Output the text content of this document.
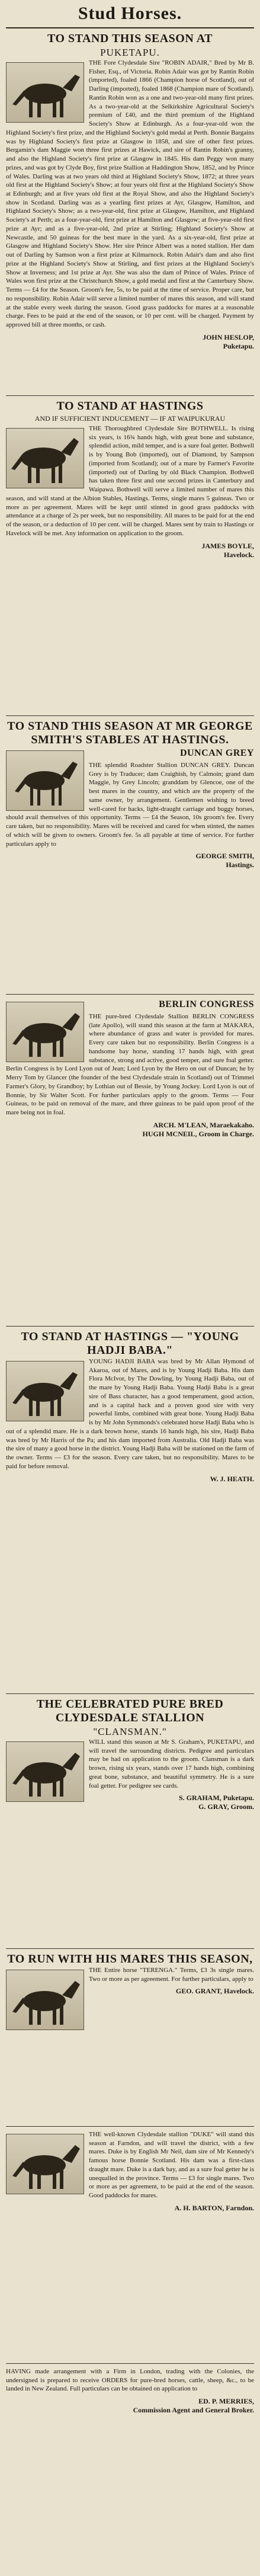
Stud Horses.
TO STAND THIS SEASON AT
PUKETAPU.
THE Fore Clydesdale Sire "ROBIN ADAIR," Bred by Mr B. Fisher, Esq., of Victoria. Robin Adair was got by Rantin Robin (imported), foaled 1866 (Champion horse of Scotland), out of Darling (imported), foaled 1868 (Champion mare of Scotland). Rantin Robin won as a one and two-year-old many first prizes. As a two-year-old at the Selkirkshire Agricultural Society's premium of £40, and the third premium of the Highland Society's Show at Edinburgh. As a four-year-old won the Highland Society's first prize, and the Highland Society's gold medal at Perth. Bonnie Bargains was by Highland Society's first prize at Glasgow in 1858, and sire of other first prizes. Bergamin's dam Maggie won three first prizes at Hawick, and sire of Rantin Robin's granny, and also the Highland Society's first prize at Glasgow in 1845. His dam Peggy won many prizes, and was got by Clyde Boy, first prize Stallion at Haddington Show, 1852, and by Prince of Wales. Darling was at two years old third at Highland Society's Show, 1872; at three years old first at the Highland Society's Show; at four years old first at the Highland Society's Show at Edinburgh; and at five years old first at the Royal Show, and also the Highland Society's show in Scotland. Darling was as a yearling first prizes at Ayr, Glasgow, Hamilton, and Highland Society's Show; as a two-year-old, first prize at Glasgow, Hamilton, and Highland Society's at Perth; as a four-year-old, first prize at Hamilton and Glasgow; at five-year-old first prize at Ayr; and as a five-year-old, 2nd prize at Stirling; Highland Society's Show at Newcastle, and 50 guineas for the best mare in the yard. As a six-year-old, first prize at Glasgow and Highland Society's Show. Her sire Prince Albert was a noted stallion. Her dam out of Darling by Samson won a first prize at Kilmarnock. Robin Adair's dam and also first prize at the Highland Society's Show at Stirling, and first prizes at the Highland Society's Show at Inverness; and 1st prize at Ayr. She was also the dam of Prince of Wales. Prince of Wales won first prize at the Christchurch Show, a gold medal and first at the Canterbury Show. Terms — £4 for the Season. Groom's fee, 5s, to be paid at the time of service. Proper care, but no responsibility. Robin Adair will serve a limited number of mares this season, and will stand at the stable every week during the season. Good grass paddocks for mares at a reasonable charge. Fees to be paid at the end of the season, or 10 per cent. will be charged. Payment by approved bill at three months, or cash.
JOHN HESLOP,
Puketapu.
TO STAND AT HASTINGS
AND IF SUFFICIENT INDUCEMENT — IF AT WAIPUKURAU
THE Thoroughbred Clydesdale Sire BOTHWELL. Is rising six years, is 16¾ hands high, with great bone and substance, splendid action, mild temper, and is a sure foal getter. Bothwell is by Young Bob (imported), out of Diamond, by Sampson (imported from Scotland); out of a mare by Farmer's Favorite (imported) out of Darling by old Black Champion. Bothwell has taken three first and one second prizes in Canterbury and Waipawa. Bothwell will serve a limited number of mares this season, and will stand at the Albion Stables, Hastings. Terms, single mares 5 guineas. Two or more as per agreement. Mares will be kept until stinted in good grass paddocks with attendance at a charge of 2s per week, but no responsibility. All mares to be paid for at the end of the season, or a deduction of 10 per cent. will be charged. Mares sent by train to Hastings or Havelock will be met. Any information on application to the groom.
JAMES BOYLE,
Havelock.
TO STAND THIS SEASON AT MR GEORGE SMITH'S STABLES AT HASTINGS.
DUNCAN GREY
THE splendid Roadster Stallion DUNCAN GREY. Duncan Grey is by Traducer; dam Craighish, by Calmoin; grand dam Maggie, by Grey Lincoln; granddam by Glencoe, one of the best mares in the country, and which are the property of the same owner, by arrangement. Gentlemen wishing to breed well-cared for hacks, light-draught carriage and buggy horses, should avail themselves of this opportunity. Terms — £4 the Season, 10s groom's fee. Every care taken, but no responsibility. Mares will be received and cared for when stinted, the names of which will be given to owners. Groom's fee. 5s all payable at time of service. For further particulars apply to
GEORGE SMITH,
Hastings.
BERLIN CONGRESS
THE pure-bred Clydesdale Stallion BERLIN CONGRESS (late Apollo), will stand this season at the farm at MAKARA, where abundance of grass and water is provided for mares. Every care taken but no responsibility. Berlin Congress is a handsome bay horse, standing 17 hands high, with great substance, strong and active, good temper, and sure foal getter. Berlin Congress is by Lord Lyon out of Jean; Lord Lyon by the Hero on out of Duncan; he by Merry Tom by Glancer (the founder of the best Clydesdale strain in Scotland) out of Trimmel Farmer's Glory, by Grandboy; by Lothian out of Bessie, by Young Jockey. Lord Lyon is out of Bonnie, by Sir Walter Scott. For further particulars apply to the groom. Terms — Four Guineas, to be paid on removal of the mare, and three guineas to be paid upon proof of the mare being not in foal.
ARCH. M'LEAN, Maraekakaho.
HUGH MCNEIL, Groom in Charge.
TO STAND AT HASTINGS — "YOUNG HADJI BABA."
YOUNG HADJI BABA was bred by Mr Allan Hymond of Akaroa, out of Mares, and is by Young Hadji Baba. His dam Flora McIvor, by The Dowling, by Young Hadji Baba, out of the mare by Young Hadji Baba. Young Hadji Baba is a great sire of Bass character, has a good temperament, good action, and is a capital hack and a proven good sire with very powerful limbs, combined with great bone. Young Hadji Baba is by Mr John Symmonds's celebrated horse Hadji Baba who is out of a splendid mare. He is a dark brown horse, stands 16 hands high, his sire, Hadji Baba was bred by Mr Harris of the Pa; and his dam imported from Australia. Old Hadji Baba was the sire of many a good horse in the district. Young Hadji Baba will be stationed on the farm of the owner. Terms — £3 for the season. Every care taken, but no responsibility. Mares to be paid for before removal.
W. J. HEATH.
THE CELEBRATED PURE BRED CLYDESDALE STALLION
"CLANSMAN."
WILL stand this season at Mr S. Graham's, PUKETAPU, and will travel the surrounding districts. Pedigree and particulars may be had on application to the groom. Clansman is a dark brown, rising six years, stands over 17 hands high, combining great bone, substance, and beautiful symmetry. He is a sure foal getter. For pedigree see cards.
S. GRAHAM, Puketapu.
G. GRAY, Groom.
TO RUN WITH HIS MARES THIS SEASON,
THE Entire horse "TERENGA." Terms, £3 3s single mares. Two or more as per agreement. For further particulars, apply to
GEO. GRANT, Havelock.
THE well-known Clydesdale stallion "DUKE" will stand this season at Farndon, and will travel the district, with a few mares. Duke is by English Mr Neil, dam sire of Mr Kennedy's famous horse Bonnie Scotland. His dam was a first-class draught mare. Duke is a dark bay, and as a sure foal getter he is unequalled in the province. Terms — £3 for single mares. Two or more as per agreement, to be paid at the end of the season. Good paddocks for mares.
A. H. BARTON, Farndon.
HAVING made arrangement with a Firm in London, trading with the Colonies, the undersigned is prepared to receive ORDERS for pure-bred horses, cattle, sheep, &c., to be landed in New Zealand. Full particulars can be obtained on application to
ED. P. MERRIES,
Commission Agent and General Broker.
